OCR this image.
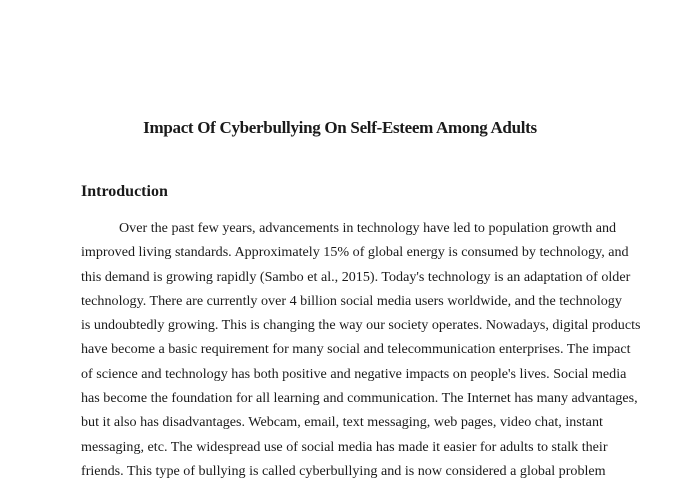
Impact Of Cyberbullying On Self-Esteem Among Adults
Introduction
Over the past few years, advancements in technology have led to population growth and
improved living standards. Approximately 15% of global energy is consumed by technology, and
this demand is growing rapidly (Sambo et al., 2015). Today's technology is an adaptation of older
technology. There are currently over 4 billion social media users worldwide, and the technology
is undoubtedly growing. This is changing the way our society operates. Nowadays, digital products
have become a basic requirement for many social and telecommunication enterprises. The impact
of science and technology has both positive and negative impacts on people's lives. Social media
has become the foundation for all learning and communication. The Internet has many advantages,
but it also has disadvantages. Webcam, email, text messaging, web pages, video chat, instant
messaging, etc. The widespread use of social media has made it easier for adults to stalk their
friends. This type of bullying is called cyberbullying and is now considered a global problem
